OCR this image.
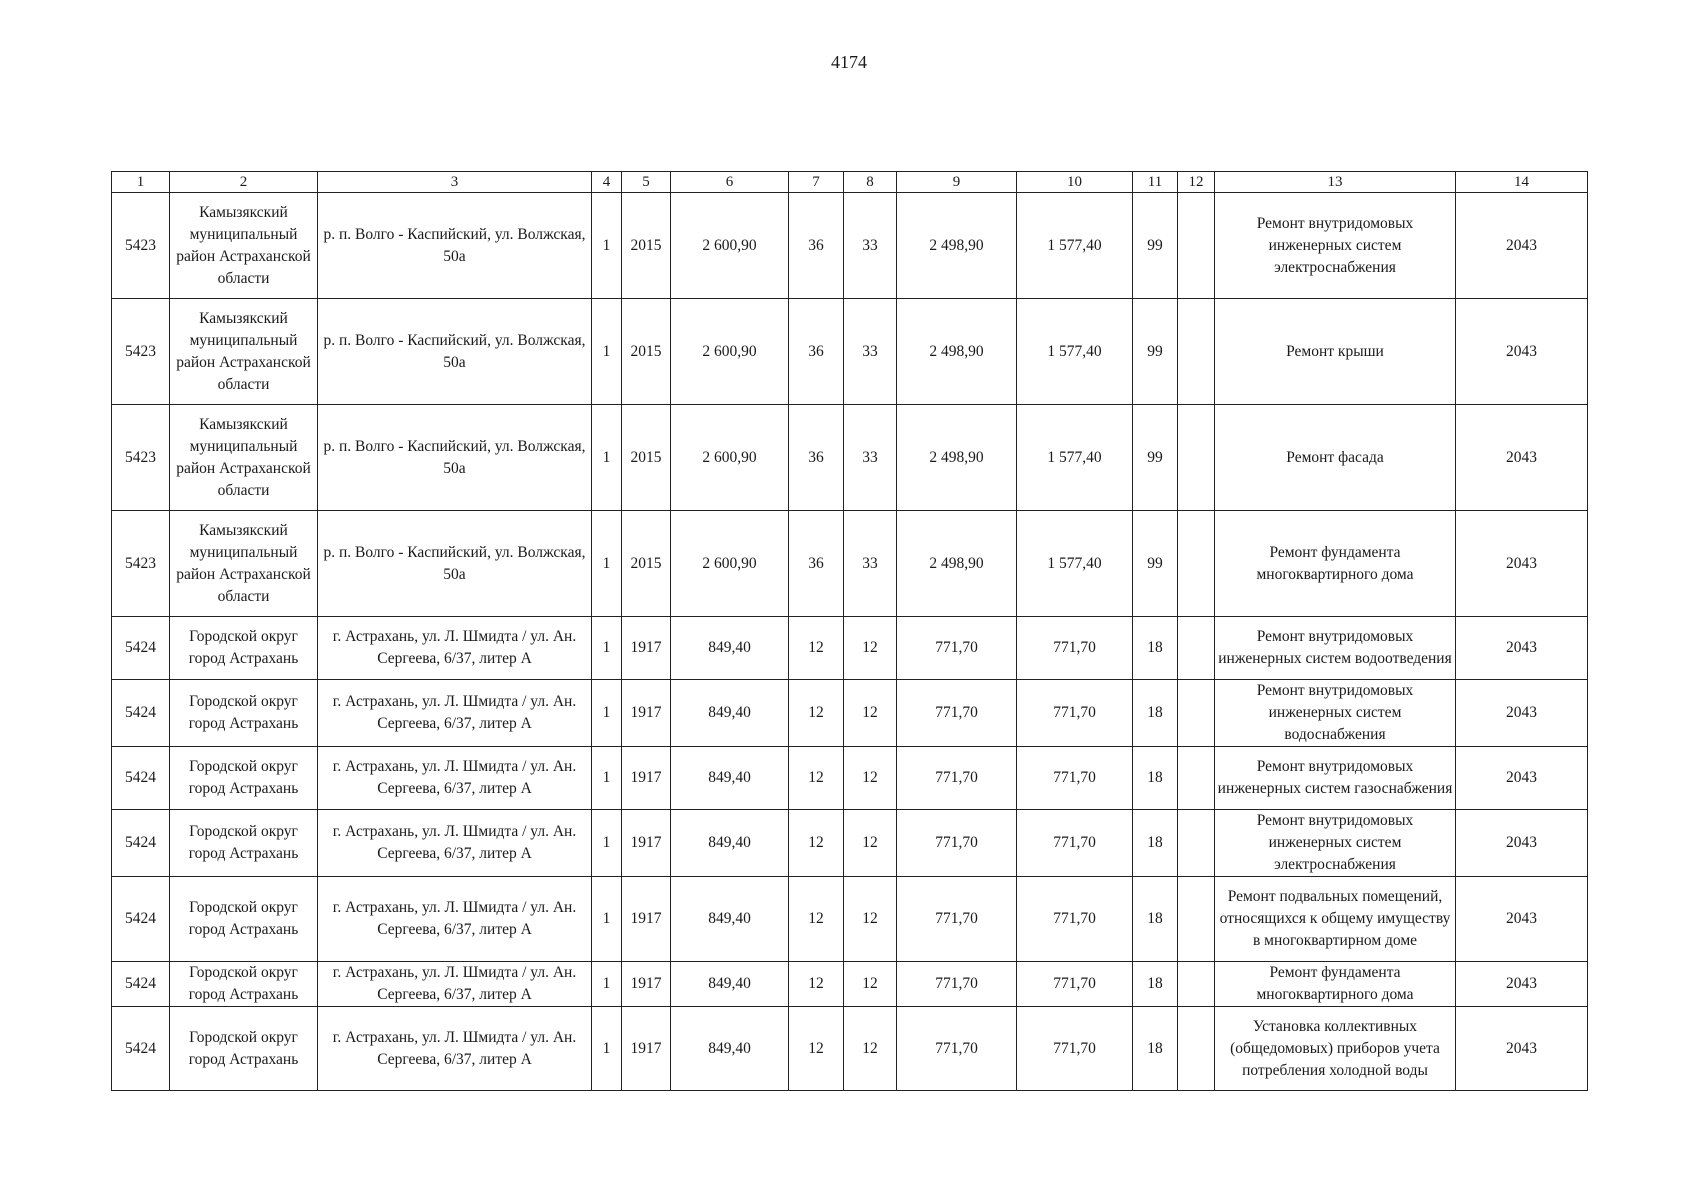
4174
1	2	3	4	5	6	7	8	9	10	11	12	13	14
5423	Камызякский муниципальный район Астраханской области	р. п. Волго - Каспийский, ул. Волжская, 50а	1	2015	2 600,90	36	33	2 498,90	1 577,40	99		Ремонт внутридомовых инженерных систем электроснабжения	2043
5423	Камызякский муниципальный район Астраханской области	р. п. Волго - Каспийский, ул. Волжская, 50а	1	2015	2 600,90	36	33	2 498,90	1 577,40	99		Ремонт крыши	2043
5423	Камызякский муниципальный район Астраханской области	р. п. Волго - Каспийский, ул. Волжская, 50а	1	2015	2 600,90	36	33	2 498,90	1 577,40	99		Ремонт фасада	2043
5423	Камызякский муниципальный район Астраханской области	р. п. Волго - Каспийский, ул. Волжская, 50а	1	2015	2 600,90	36	33	2 498,90	1 577,40	99		Ремонт фундамента многоквартирного дома	2043
5424	Городской округ город Астрахань	г. Астрахань, ул. Л. Шмидта / ул. Ан. Сергеева, 6/37, литер А	1	1917	849,40	12	12	771,70	771,70	18		Ремонт внутридомовых инженерных систем водоотведения	2043
5424	Городской округ город Астрахань	г. Астрахань, ул. Л. Шмидта / ул. Ан. Сергеева, 6/37, литер А	1	1917	849,40	12	12	771,70	771,70	18		Ремонт внутридомовых инженерных систем водоснабжения	2043
5424	Городской округ город Астрахань	г. Астрахань, ул. Л. Шмидта / ул. Ан. Сергеева, 6/37, литер А	1	1917	849,40	12	12	771,70	771,70	18		Ремонт внутридомовых инженерных систем газоснабжения	2043
5424	Городской округ город Астрахань	г. Астрахань, ул. Л. Шмидта / ул. Ан. Сергеева, 6/37, литер А	1	1917	849,40	12	12	771,70	771,70	18		Ремонт внутридомовых инженерных систем электроснабжения	2043
5424	Городской округ город Астрахань	г. Астрахань, ул. Л. Шмидта / ул. Ан. Сергеева, 6/37, литер А	1	1917	849,40	12	12	771,70	771,70	18		Ремонт подвальных помещений, относящихся к общему имуществу в многоквартирном доме	2043
5424	Городской округ город Астрахань	г. Астрахань, ул. Л. Шмидта / ул. Ан. Сергеева, 6/37, литер А	1	1917	849,40	12	12	771,70	771,70	18		Ремонт фундамента многоквартирного дома	2043
5424	Городской округ город Астрахань	г. Астрахань, ул. Л. Шмидта / ул. Ан. Сергеева, 6/37, литер А	1	1917	849,40	12	12	771,70	771,70	18		Установка коллективных (общедомовых) приборов учета потребления холодной воды	2043
